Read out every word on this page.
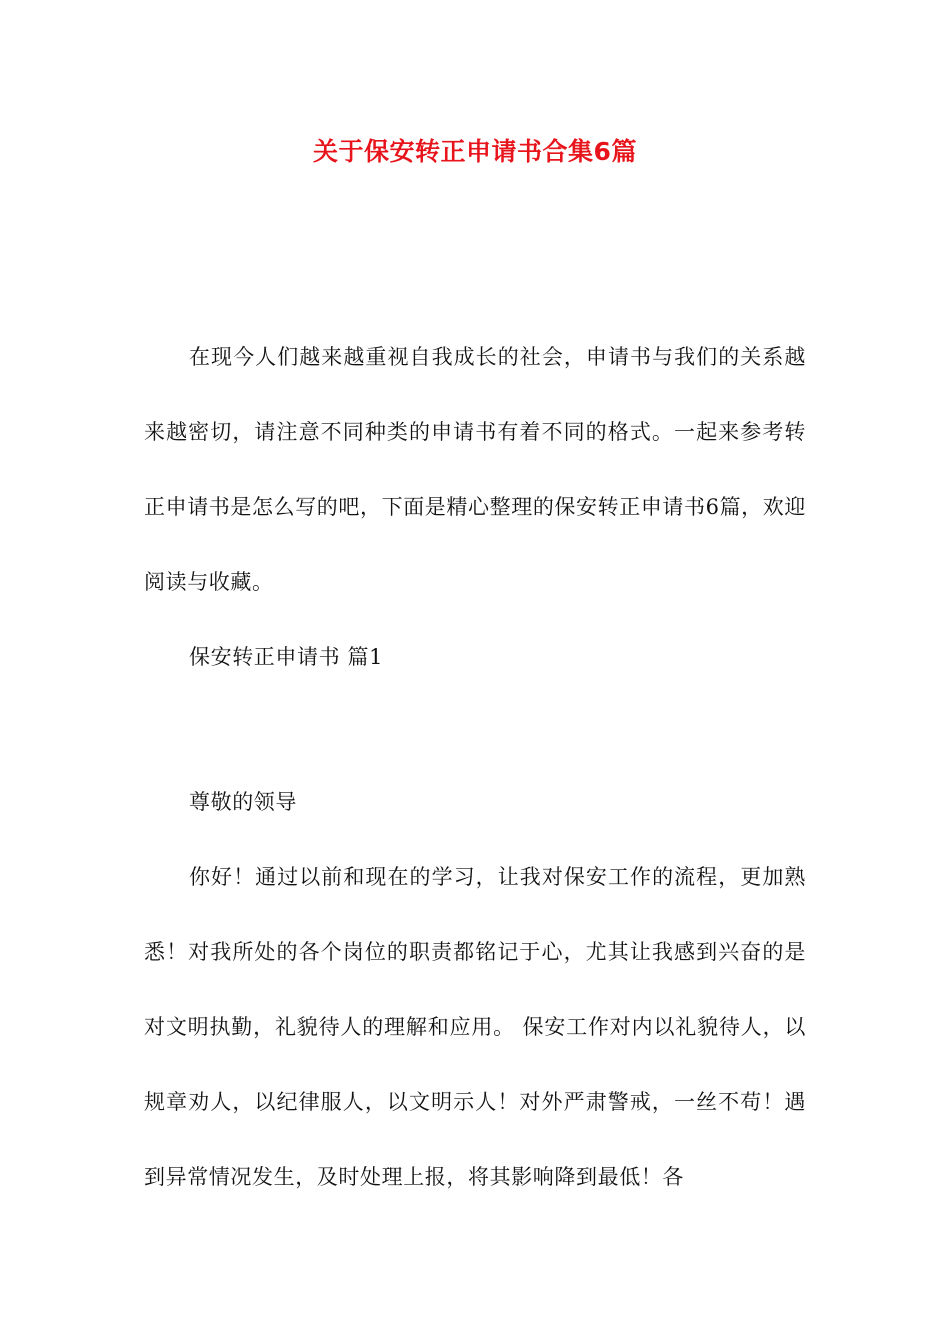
关于保安转正申请书合集6篇

在现今人们越来越重视自我成长的社会，申请书与我们的关系越来越密切，请注意不同种类的申请书有着不同的格式。一起来参考转正申请书是怎么写的吧，下面是精心整理的保安转正申请书6篇，欢迎阅读与收藏。

保安转正申请书 篇1

尊敬的领导

你好！通过以前和现在的学习，让我对保安工作的流程，更加熟悉！对我所处的各个岗位的职责都铭记于心，尤其让我感到兴奋的是对文明执勤，礼貌待人的理解和应用。 保安工作对内以礼貌待人，以规章劝人，以纪律服人，以文明示人！对外严肃警戒，一丝不苟！遇到异常情况发生，及时处理上报，将其影响降到最低！各
